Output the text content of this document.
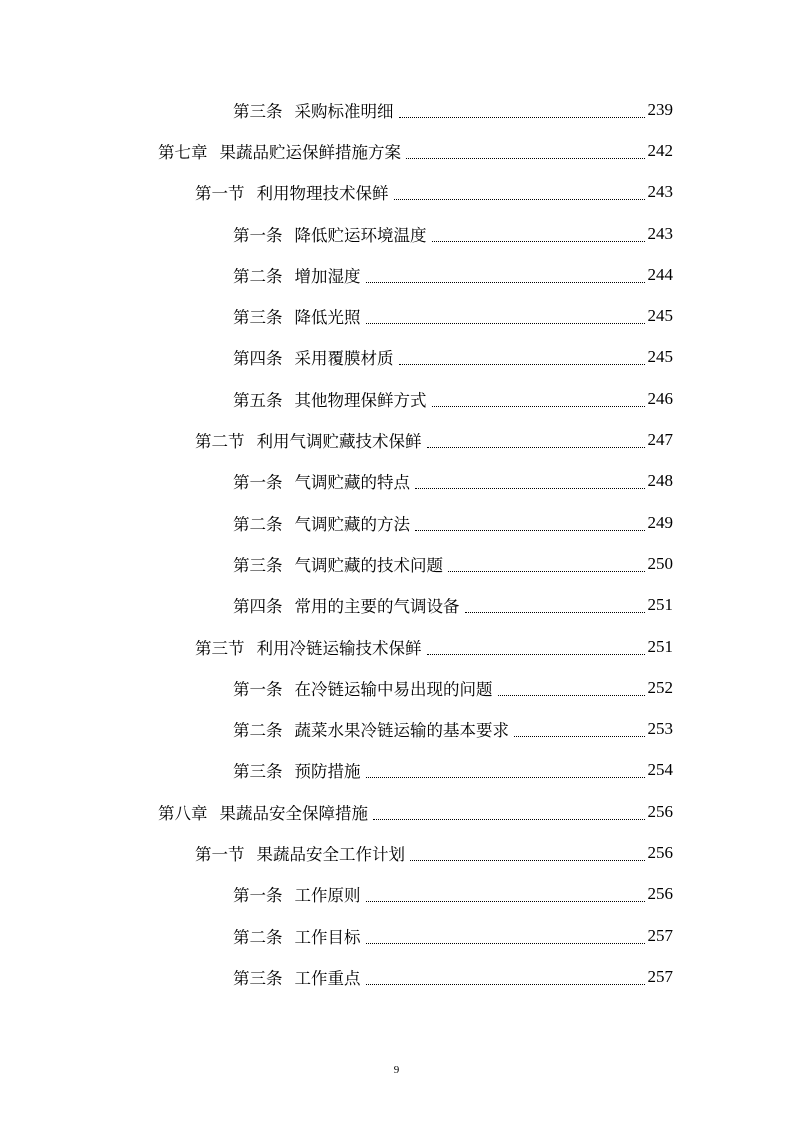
第三条 采购标准明细	239
第七章 果蔬品贮运保鲜措施方案	242
第一节 利用物理技术保鲜	243
第一条 降低贮运环境温度	243
第二条 增加湿度	244
第三条 降低光照	245
第四条 采用覆膜材质	245
第五条 其他物理保鲜方式	246
第二节 利用气调贮藏技术保鲜	247
第一条 气调贮藏的特点	248
第二条 气调贮藏的方法	249
第三条 气调贮藏的技术问题	250
第四条 常用的主要的气调设备	251
第三节 利用冷链运输技术保鲜	251
第一条 在冷链运输中易出现的问题	252
第二条 蔬菜水果冷链运输的基本要求	253
第三条 预防措施	254
第八章 果蔬品安全保障措施	256
第一节 果蔬品安全工作计划	256
第一条 工作原则	256
第二条 工作目标	257
第三条 工作重点	257
9
